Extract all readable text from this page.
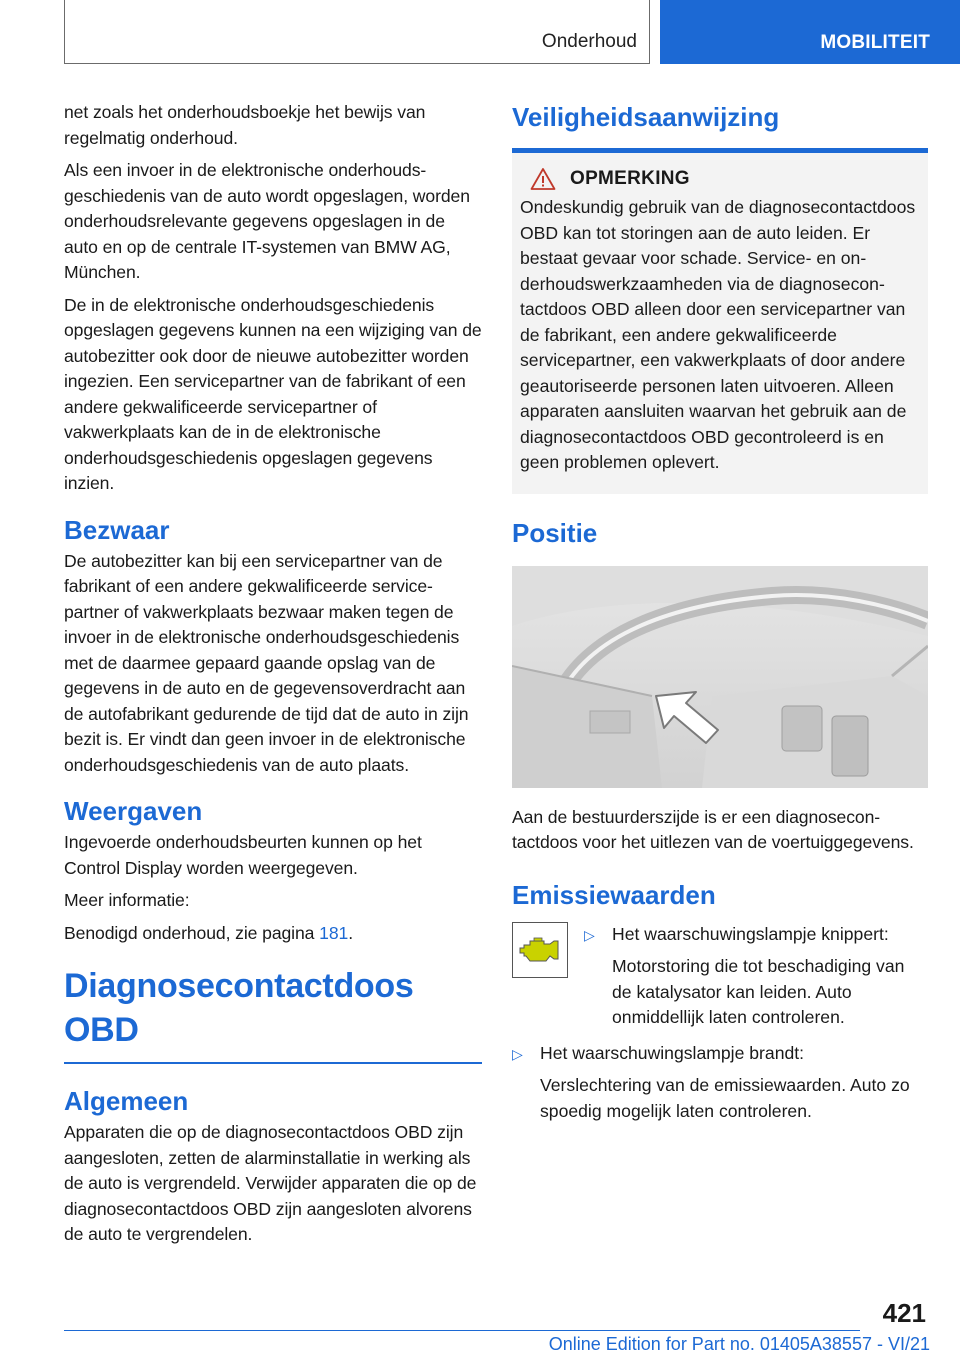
Onderhoud	MOBILITEIT

net zoals het onderhoudsboekje het bewijs van regelmatig onderhoud.

Als een invoer in de elektronische onderhoudsgeschiedenis van de auto wordt opgeslagen, worden onderhoudsrelevante gegevens opgeslagen in de auto en op de centrale IT-systemen van BMW AG, München.

De in de elektronische onderhoudsgeschiedenis opgeslagen gegevens kunnen na een wijziging van de autobezitter ook door de nieuwe autobezitter worden ingezien. Een servicepartner van de fabrikant of een andere gekwalificeerde servicepartner of vakwerkplaats kan de in de elektronische onderhoudsgeschiedenis opgeslagen gegevens inzien.

Bezwaar

De autobezitter kan bij een servicepartner van de fabrikant of een andere gekwalificeerde servicepartner of vakwerkplaats bezwaar maken tegen de invoer in de elektronische onderhoudsgeschiedenis met de daarmee gepaard gaande opslag van de gegevens in de auto en de gegevensoverdracht aan de autofabrikant gedurende de tijd dat de auto in zijn bezit is. Er vindt dan geen invoer in de elektronische onderhoudsgeschiedenis van de auto plaats.

Weergaven

Ingevoerde onderhoudsbeurten kunnen op het Control Display worden weergegeven.

Meer informatie:

Benodigd onderhoud, zie pagina 181.

Diagnosecontactdoos OBD
Algemeen

Apparaten die op de diagnosecontactdoos OBD zijn aangesloten, zetten de alarminstallatie in werking als de auto is vergrendeld. Verwijder apparaten die op de diagnosecontactdoos OBD zijn aangesloten alvorens de auto te vergrendelen.

Veiligheidsaanwijzing
OPMERKING

Ondeskundig gebruik van de diagnosecontactdoos OBD kan tot storingen aan de auto leiden. Er bestaat gevaar voor schade. Service- en onderhoudswerkzaamheden via de diagnosecontactdoos OBD alleen door een servicepartner van de fabrikant, een andere gekwalificeerde servicepartner, een vakwerkplaats of door andere geautoriseerde personen laten uitvoeren. Alleen apparaten aansluiten waarvan het gebruik aan de diagnosecontactdoos OBD gecontroleerd is en geen problemen oplevert.

Positie

Aan de bestuurderszijde is er een diagnosecontactdoos voor het uitlezen van de voertuiggegevens.

Emissiewaarden
▷ Het waarschuwingslampje knippert:
Motorstoring die tot beschadiging van de katalysator kan leiden. Auto onmiddellijk laten controleren.
▷ Het waarschuwingslampje brandt:
Verslechtering van de emissiewaarden. Auto zo spoedig mogelijk laten controleren.
421
Online Edition for Part no. 01405A38557 - VI/21
